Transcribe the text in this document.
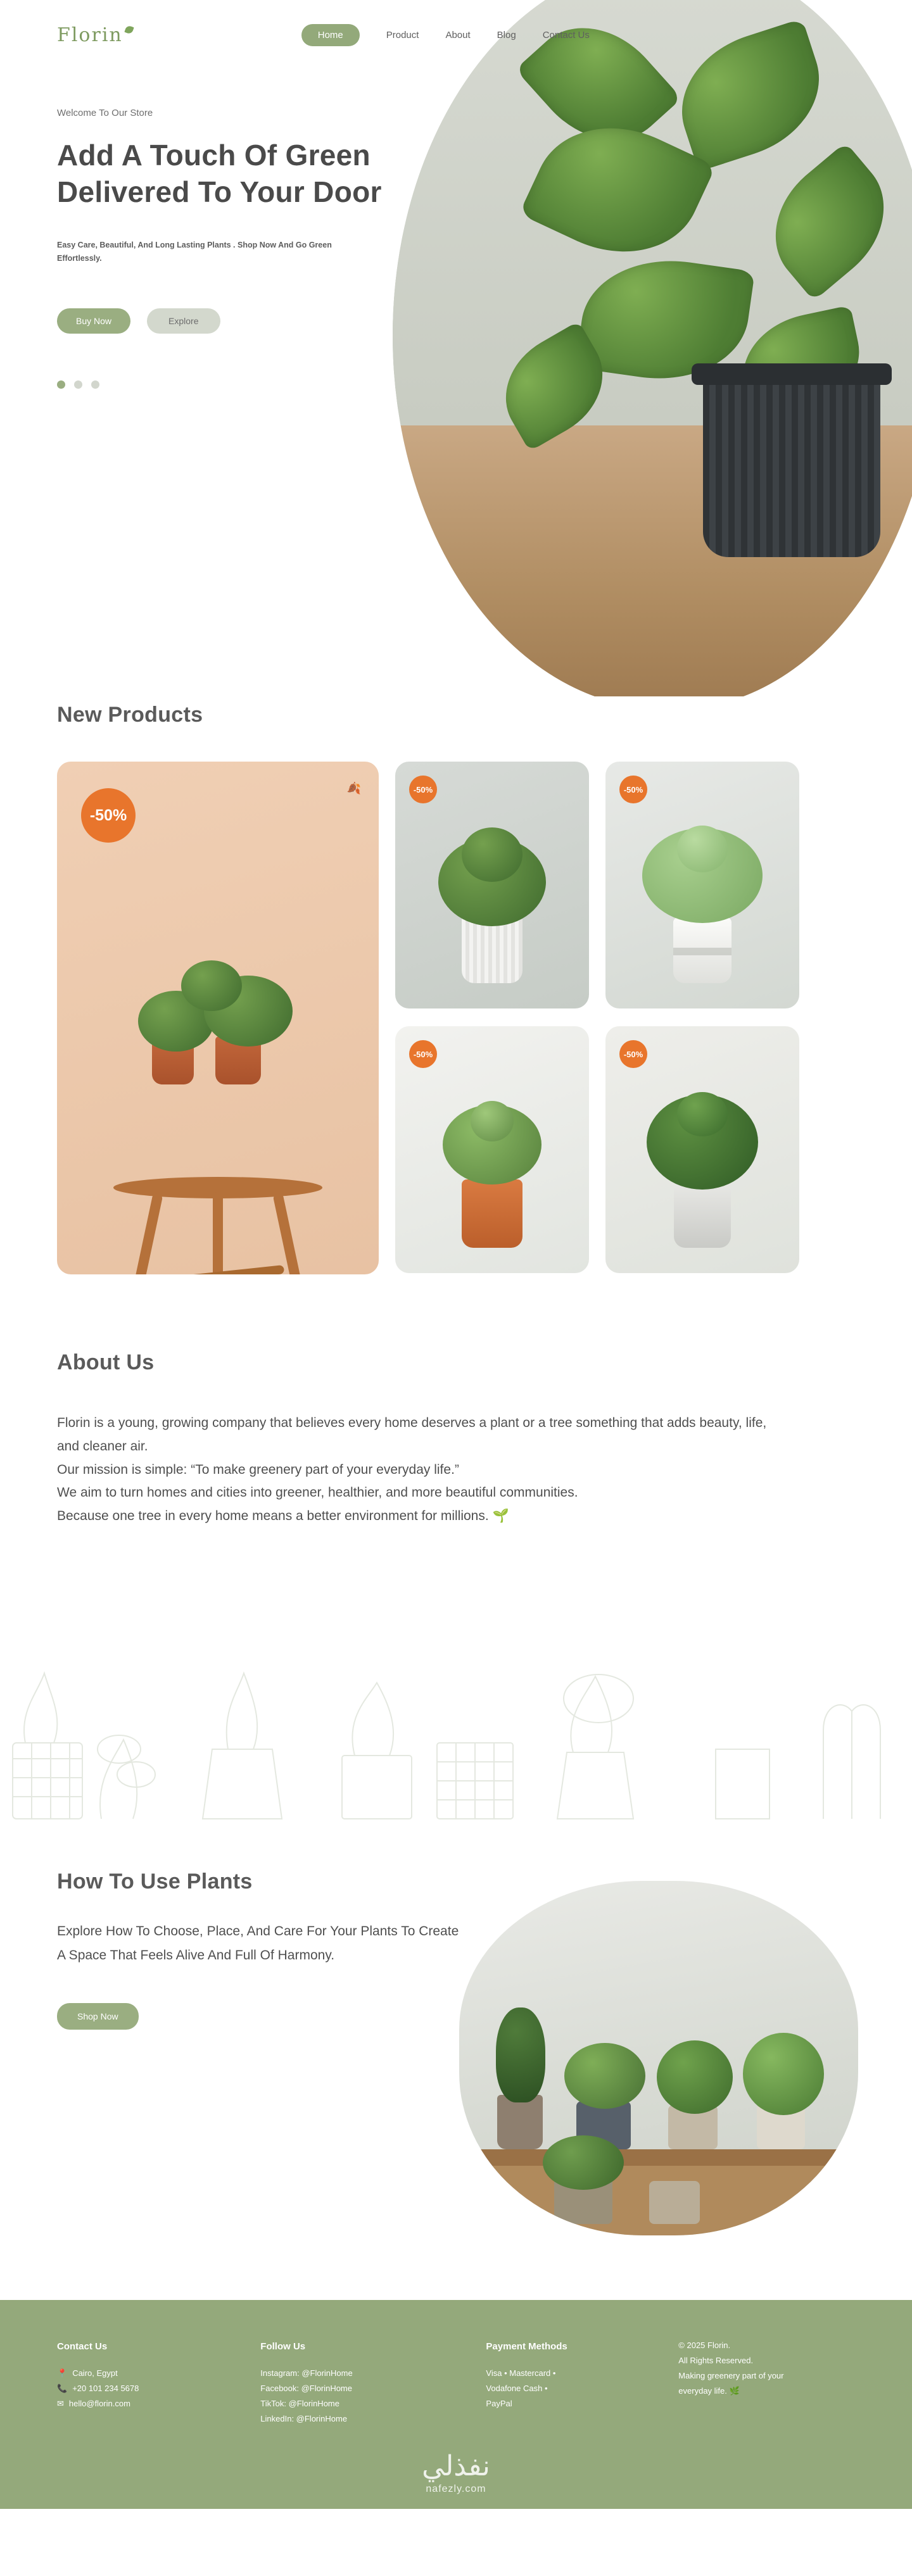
Florin	Home	Product	About	Blog	Contact Us
Welcome To Our Store
Add A Touch Of Green Delivered To Your Door

Easy Care, Beautiful, And Long Lasting Plants . Shop Now And Go Green Effortlessly.

Buy Now	Explore
New Products
-50%
🍂	-50%	-50%
-50%	-50%
About Us

Florin is a young, growing company that believes every home deserves a plant or a tree something that adds beauty, life, and cleaner air.

Our mission is simple: “To make greenery part of your everyday life.”

We aim to turn homes and cities into greener, healthier, and more beautiful communities.

Because one tree in every home means a better environment for millions. 🌱

How To Use Plants

Explore How To Choose, Place, And Care For Your Plants To Create A Space That Feels Alive And Full Of Harmony.

Shop Now
Contact Us
📍 Cairo, Egypt
📞 +20 101 234 5678
✉ hello@florin.com
Follow Us
Instagram: @FlorinHome
Facebook: @FlorinHome
TikTok: @FlorinHome
LinkedIn: @FlorinHome
Payment Methods
Visa • Mastercard •
Vodafone Cash •
PayPal
© 2025 Florin.
All Rights Reserved.
Making greenery part of your
everyday life. 🌿
نفذلي
nafezly.com
